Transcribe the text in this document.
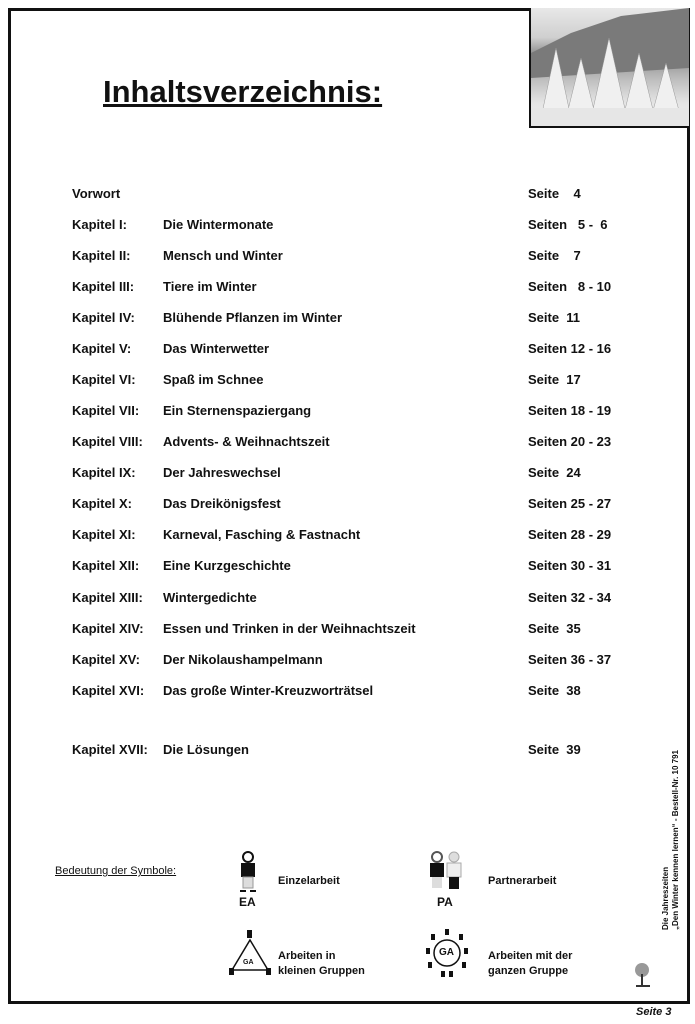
Inhaltsverzeichnis:
Vorwort	Seite    4
Kapitel I:	Die Wintermonate	Seiten   5 -  6
Kapitel II: Mensch und Winter	Seite    7
Kapitel III: Tiere im Winter	Seiten   8 - 10
Kapitel IV: Blühende Pflanzen im Winter	Seite  11
Kapitel V: Das Winterwetter	Seiten 12 - 16
Kapitel VI: Spaß im Schnee	Seite  17
Kapitel VII: Ein Sternenspaziergang	Seiten 18 - 19
Kapitel VIII: Advents- & Weihnachtszeit	Seiten 20 - 23
Kapitel IX: Der Jahreswechsel	Seite  24
Kapitel X: Das Dreikönigsfest	Seiten 25 - 27
Kapitel XI: Karneval, Fasching & Fastnacht	Seiten 28 - 29
Kapitel XII: Eine Kurzgeschichte	Seiten 30 - 31
Kapitel XIII: Wintergedichte	Seiten 32 - 34
Kapitel XIV: Essen und Trinken in der Weihnachtszeit	Seite  35
Kapitel XV: Der Nikolaushampelmann	Seiten 36 - 37
Kapitel XVI: Das große Winter-Kreuzworträtsel	Seite  38
Kapitel XVII: Die Lösungen	Seite  39
Bedeutung der Symbole:
EA
Einzelarbeit
PA
Partnerarbeit
GA
Arbeiten in
kleinen Gruppen
GA	Arbeiten mit der
ganzen Gruppe
Die Jahreszeiten
„Den Winter kennen lernen“ - Bestell-Nr. 10 791
Seite 3
